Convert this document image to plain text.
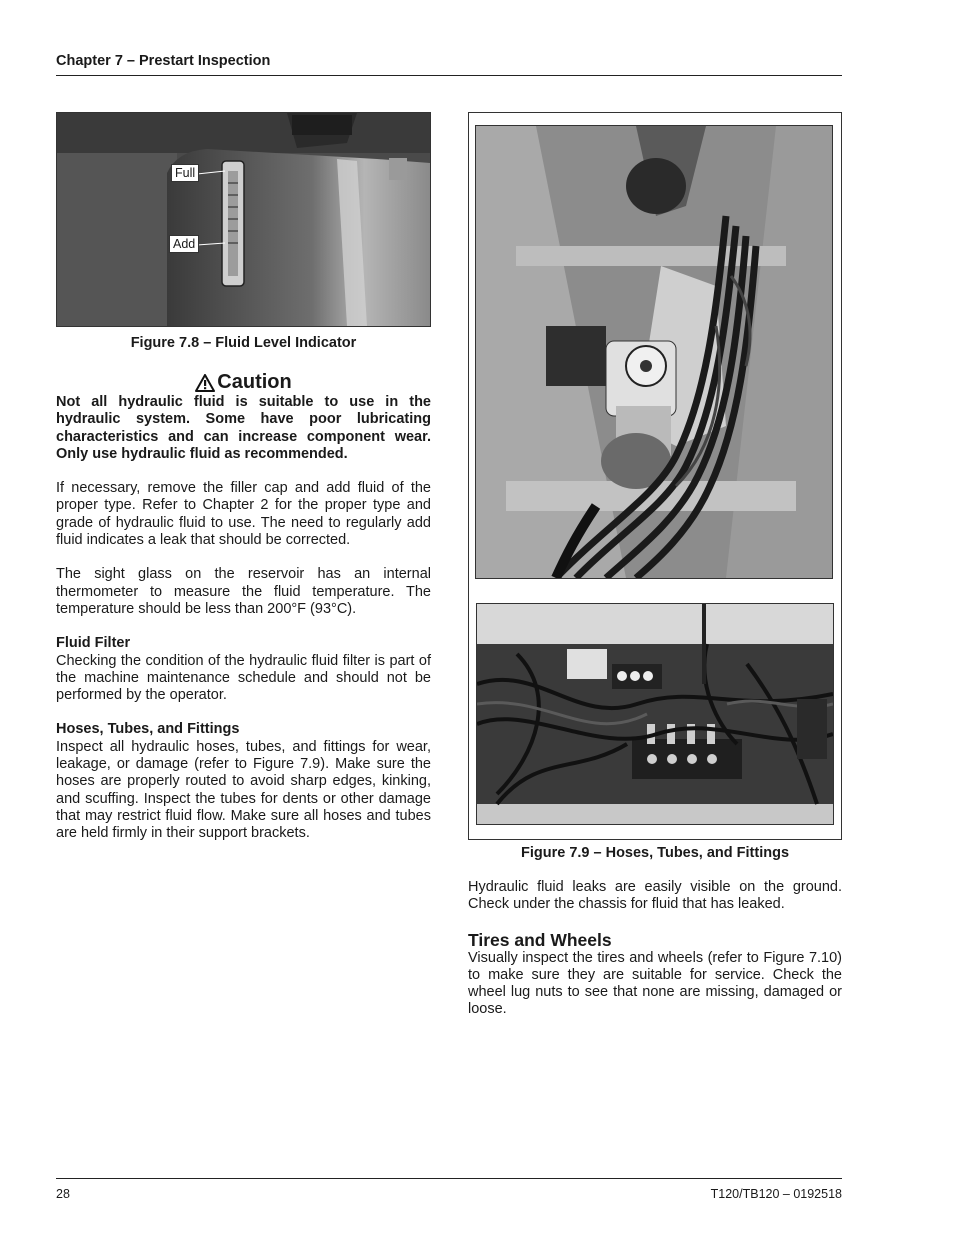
Chapter 7 – Prestart Inspection
Full
Add
Figure 7.8 – Fluid Level Indicator
Caution
Not all hydraulic fluid is suitable to use in the hydraulic system. Some have poor lubricating characteristics and can increase component wear. Only use hydraulic fluid as recommended.

If necessary, remove the filler cap and add fluid of the proper type. Refer to Chapter 2 for the proper type and grade of hydraulic fluid to use. The need to regularly add fluid indicates a leak that should be corrected.

The sight glass on the reservoir has an internal thermometer to measure the fluid temperature. The temperature should be less than 200°F (93°C).

Fluid Filter

Checking the condition of the hydraulic fluid filter is part of the machine maintenance schedule and should not be performed by the operator.

Hoses, Tubes, and Fittings

Inspect all hydraulic hoses, tubes, and fittings for wear, leakage, or damage (refer to Figure 7.9). Make sure the hoses are properly routed to avoid sharp edges, kinking, and scuffing. Inspect the tubes for dents or other damage that may restrict fluid flow. Make sure all hoses and tubes are held firmly in their support brackets.

Figure 7.9 – Hoses, Tubes, and Fittings

Hydraulic fluid leaks are easily visible on the ground. Check under the chassis for fluid that has leaked.

Tires and Wheels

Visually inspect the tires and wheels (refer to Figure 7.10) to make sure they are suitable for service. Check the wheel lug nuts to see that none are missing, damaged or loose.

28	T120/TB120 – 0192518
